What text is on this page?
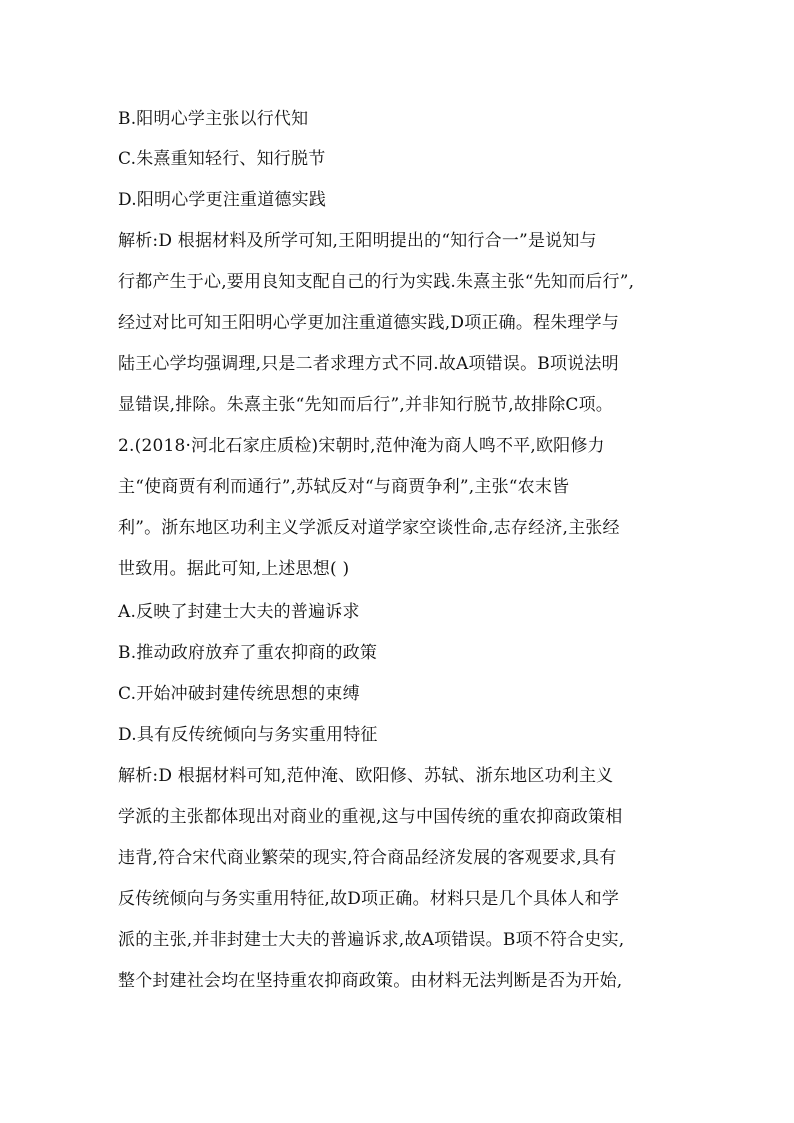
B.阳明心学主张以行代知
C.朱熹重知轻行、知行脱节
D.阳明心学更注重道德实践
解析:D 根据材料及所学可知,王阳明提出的“知行合一”是说知与
行都产生于心,要用良知支配自己的行为实践.朱熹主张“先知而后行”,
经过对比可知王阳明心学更加注重道德实践,D项正确。程朱理学与
陆王心学均强调理,只是二者求理方式不同.故A项错误。B项说法明
显错误,排除。朱熹主张“先知而后行”,并非知行脱节,故排除C项。
2.(2018·河北石家庄质检)宋朝时,范仲淹为商人鸣不平,欧阳修力
主“使商贾有利而通行”,苏轼反对“与商贾争利”,主张“农末皆
利”。浙东地区功利主义学派反对道学家空谈性命,志存经济,主张经
世致用。据此可知,上述思想( )
A.反映了封建士大夫的普遍诉求
B.推动政府放弃了重农抑商的政策
C.开始冲破封建传统思想的束缚
D.具有反传统倾向与务实重用特征
解析:D 根据材料可知,范仲淹、欧阳修、苏轼、浙东地区功利主义
学派的主张都体现出对商业的重视,这与中国传统的重农抑商政策相
违背,符合宋代商业繁荣的现实,符合商品经济发展的客观要求,具有
反传统倾向与务实重用特征,故D项正确。材料只是几个具体人和学
派的主张,并非封建士大夫的普遍诉求,故A项错误。B项不符合史实,
整个封建社会均在坚持重农抑商政策。由材料无法判断是否为开始,
